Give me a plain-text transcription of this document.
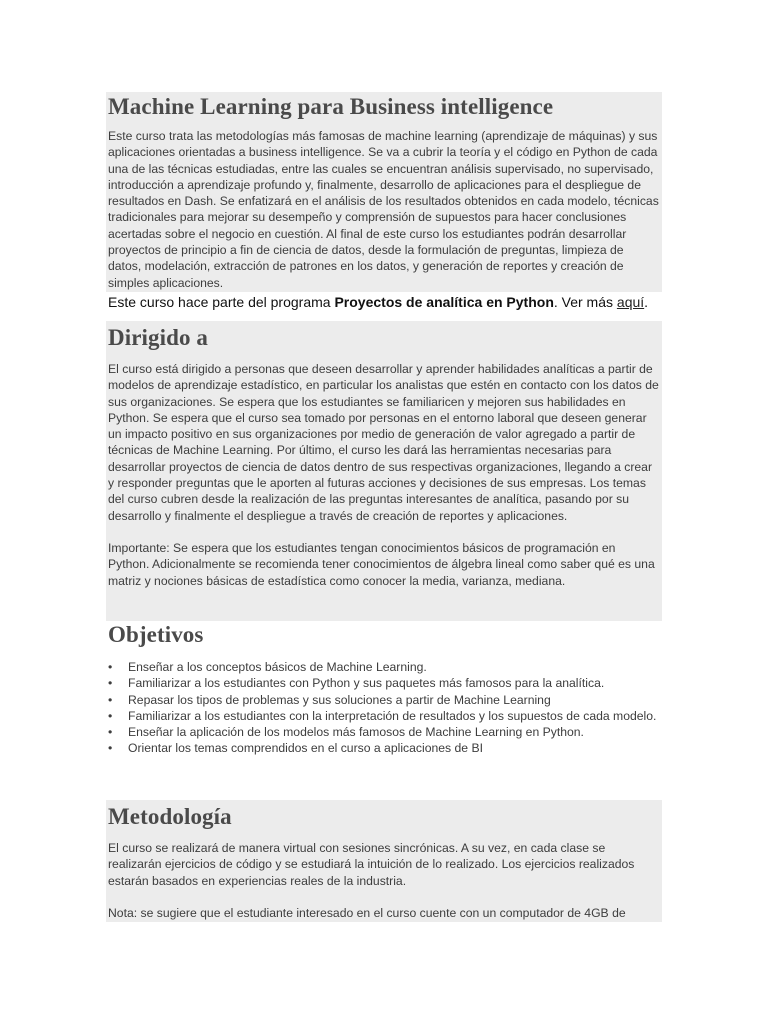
Machine Learning para Business intelligence

Este curso trata las metodologías más famosas de machine learning (aprendizaje de máquinas) y sus aplicaciones orientadas a business intelligence. Se va a cubrir la teoría y el código en Python de cada una de las técnicas estudiadas, entre las cuales se encuentran análisis supervisado, no supervisado, introducción a aprendizaje profundo y, finalmente, desarrollo de aplicaciones para el despliegue de resultados en Dash. Se enfatizará en el análisis de los resultados obtenidos en cada modelo, técnicas tradicionales para mejorar su desempeño y comprensión de supuestos para hacer conclusiones acertadas sobre el negocio en cuestión. Al final de este curso los estudiantes podrán desarrollar proyectos de principio a fin de ciencia de datos, desde la formulación de preguntas, limpieza de datos, modelación, extracción de patrones en los datos, y generación de reportes y creación de simples aplicaciones.

Este curso hace parte del programa Proyectos de analítica en Python. Ver más aquí.
Dirigido a

El curso está dirigido a personas que deseen desarrollar y aprender habilidades analíticas a partir de modelos de aprendizaje estadístico, en particular los analistas que estén en contacto con los datos de sus organizaciones. Se espera que los estudiantes se familiaricen y mejoren sus habilidades en Python. Se espera que el curso sea tomado por personas en el entorno laboral que deseen generar un impacto positivo en sus organizaciones por medio de generación de valor agregado a partir de técnicas de Machine Learning. Por último, el curso les dará las herramientas necesarias para desarrollar proyectos de ciencia de datos dentro de sus respectivas organizaciones, llegando a crear y responder preguntas que le aporten al futuras acciones y decisiones de sus empresas. Los temas del curso cubren desde la realización de las preguntas interesantes de analítica, pasando por su desarrollo y finalmente el despliegue a través de creación de reportes y aplicaciones.

Importante: Se espera que los estudiantes tengan conocimientos básicos de programación en Python. Adicionalmente se recomienda tener conocimientos de álgebra lineal como saber qué es una matriz y nociones básicas de estadística como conocer la media, varianza, mediana.

Objetivos
• Enseñar a los conceptos básicos de Machine Learning.
• Familiarizar a los estudiantes con Python y sus paquetes más famosos para la analítica.
• Repasar los tipos de problemas y sus soluciones a partir de Machine Learning
• Familiarizar a los estudiantes con la interpretación de resultados y los supuestos de cada modelo.
• Enseñar la aplicación de los modelos más famosos de Machine Learning en Python.
• Orientar los temas comprendidos en el curso a aplicaciones de BI
Metodología

El curso se realizará de manera virtual con sesiones sincrónicas. A su vez, en cada clase se realizarán ejercicios de código y se estudiará la intuición de lo realizado. Los ejercicios realizados estarán basados en experiencias reales de la industria.

Nota: se sugiere que el estudiante interesado en el curso cuente con un computador de 4GB de
